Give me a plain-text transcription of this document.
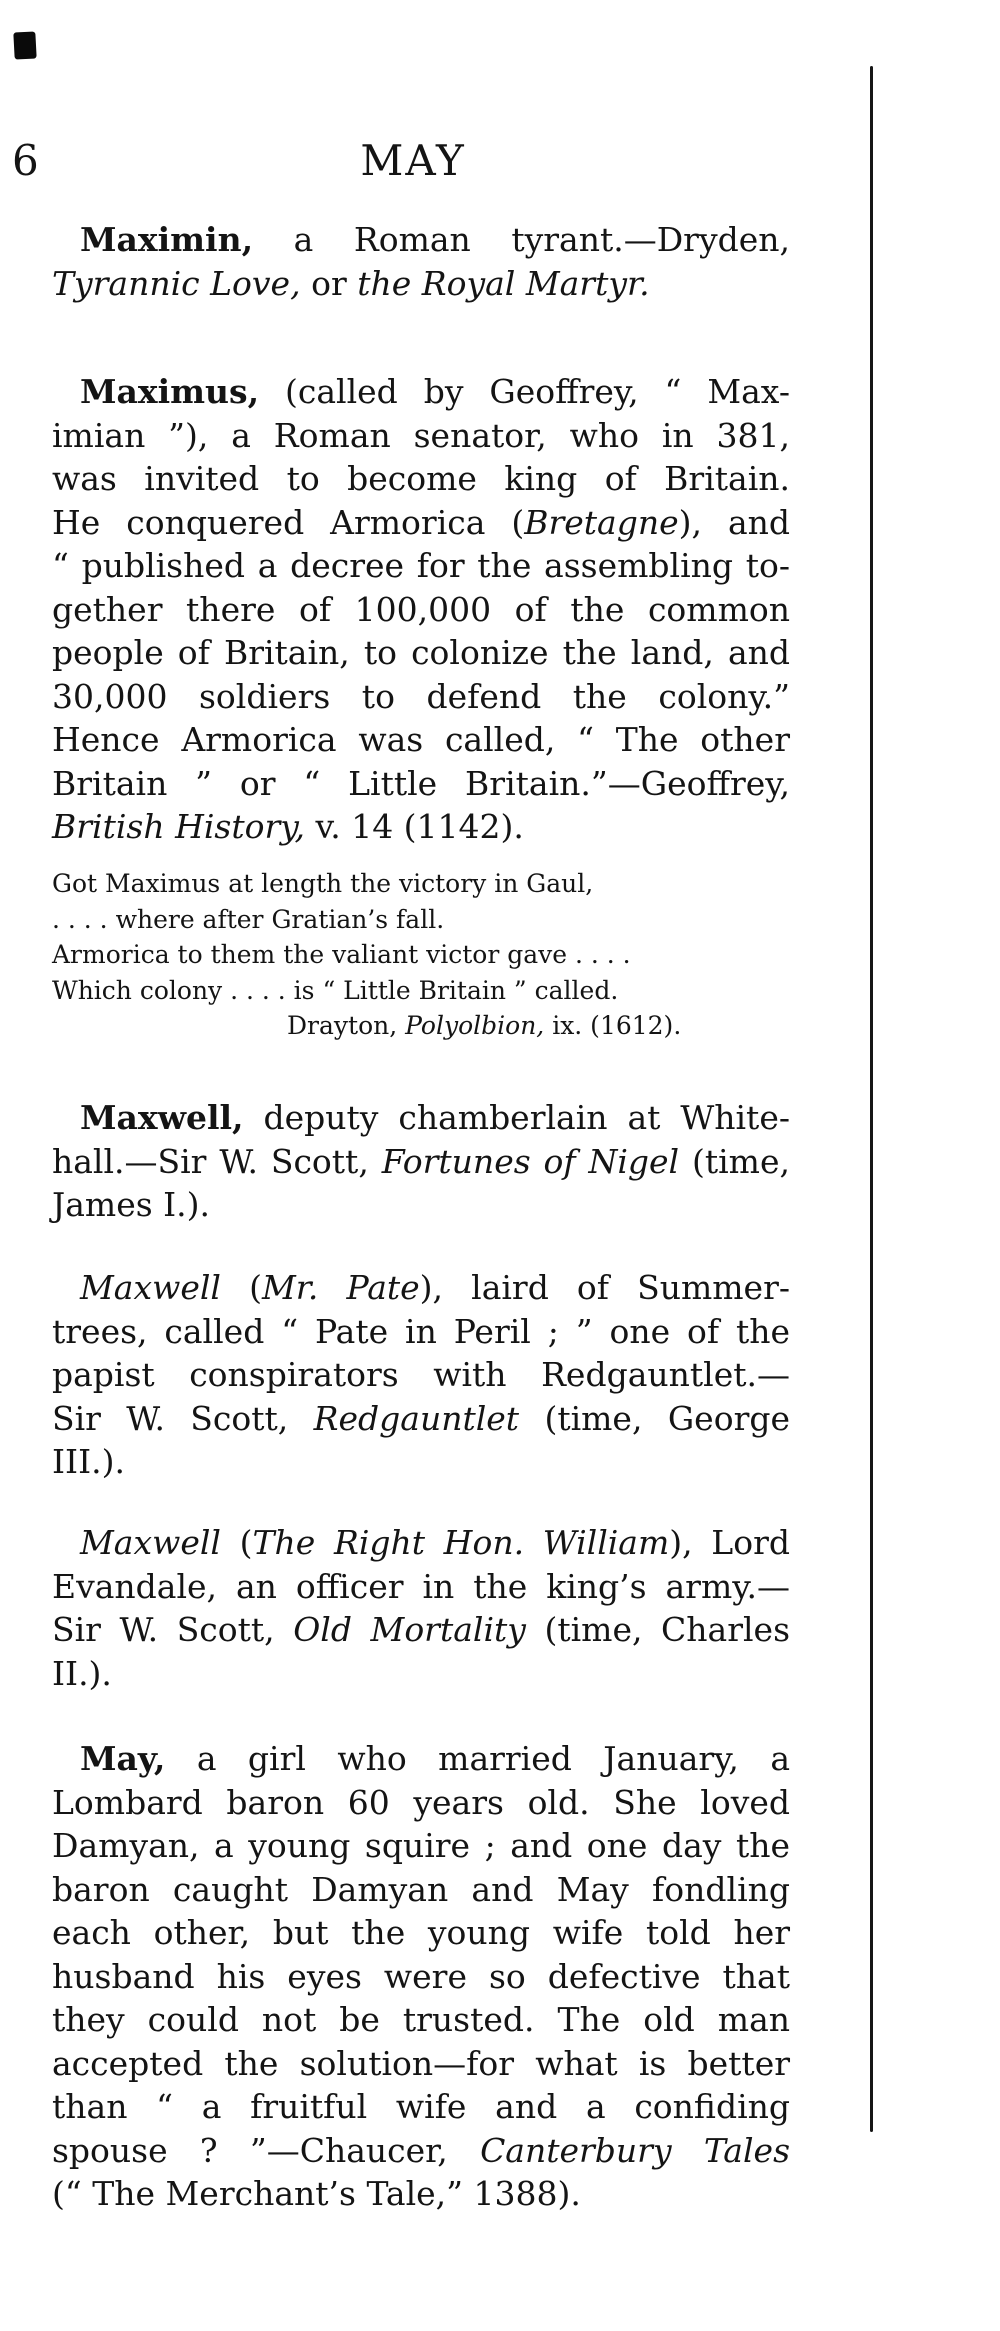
6	MAY
Maximin, a Roman tyrant.—Dryden,
Tyrannic Love, or the Royal Martyr.
Maximus, (called by Geoffrey, “ Max-
imian ”), a Roman senator, who in 381,
was invited to become king of Britain.
He conquered Armorica (Bretagne), and
“ published a decree for the assembling to-
gether there of 100,000 of the common
people of Britain, to colonize the land, and
30,000 soldiers to defend the colony.”
Hence Armorica was called, “ The other
Britain ” or “ Little Britain.”—Geoffrey,
British History, v. 14 (1142).
Got Maximus at length the victory in Gaul,
. . . . where after Gratian’s fall.
Armorica to them the valiant victor gave . . . .
Which colony . . . . is “ Little Britain ” called.
Drayton, Polyolbion, ix. (1612).
Maxwell, deputy chamberlain at White-
hall.—Sir W. Scott, Fortunes of Nigel (time,
James I.).
Maxwell (Mr. Pate), laird of Summer-
trees, called “ Pate in Peril ; ” one of the
papist conspirators with Redgauntlet.—
Sir W. Scott, Redgauntlet (time, George
III.).
Maxwell (The Right Hon. William), Lord
Evandale, an officer in the king’s army.—
Sir W. Scott, Old Mortality (time, Charles
II.).
May, a girl who married January, a
Lombard baron 60 years old. She loved
Damyan, a young squire ; and one day the
baron caught Damyan and May fondling
each other, but the young wife told her
husband his eyes were so defective that
they could not be trusted. The old man
accepted the solution—for what is better
than “ a fruitful wife and a confiding
spouse ? ”—Chaucer, Canterbury Tales
(“ The Merchant’s Tale,” 1388).
